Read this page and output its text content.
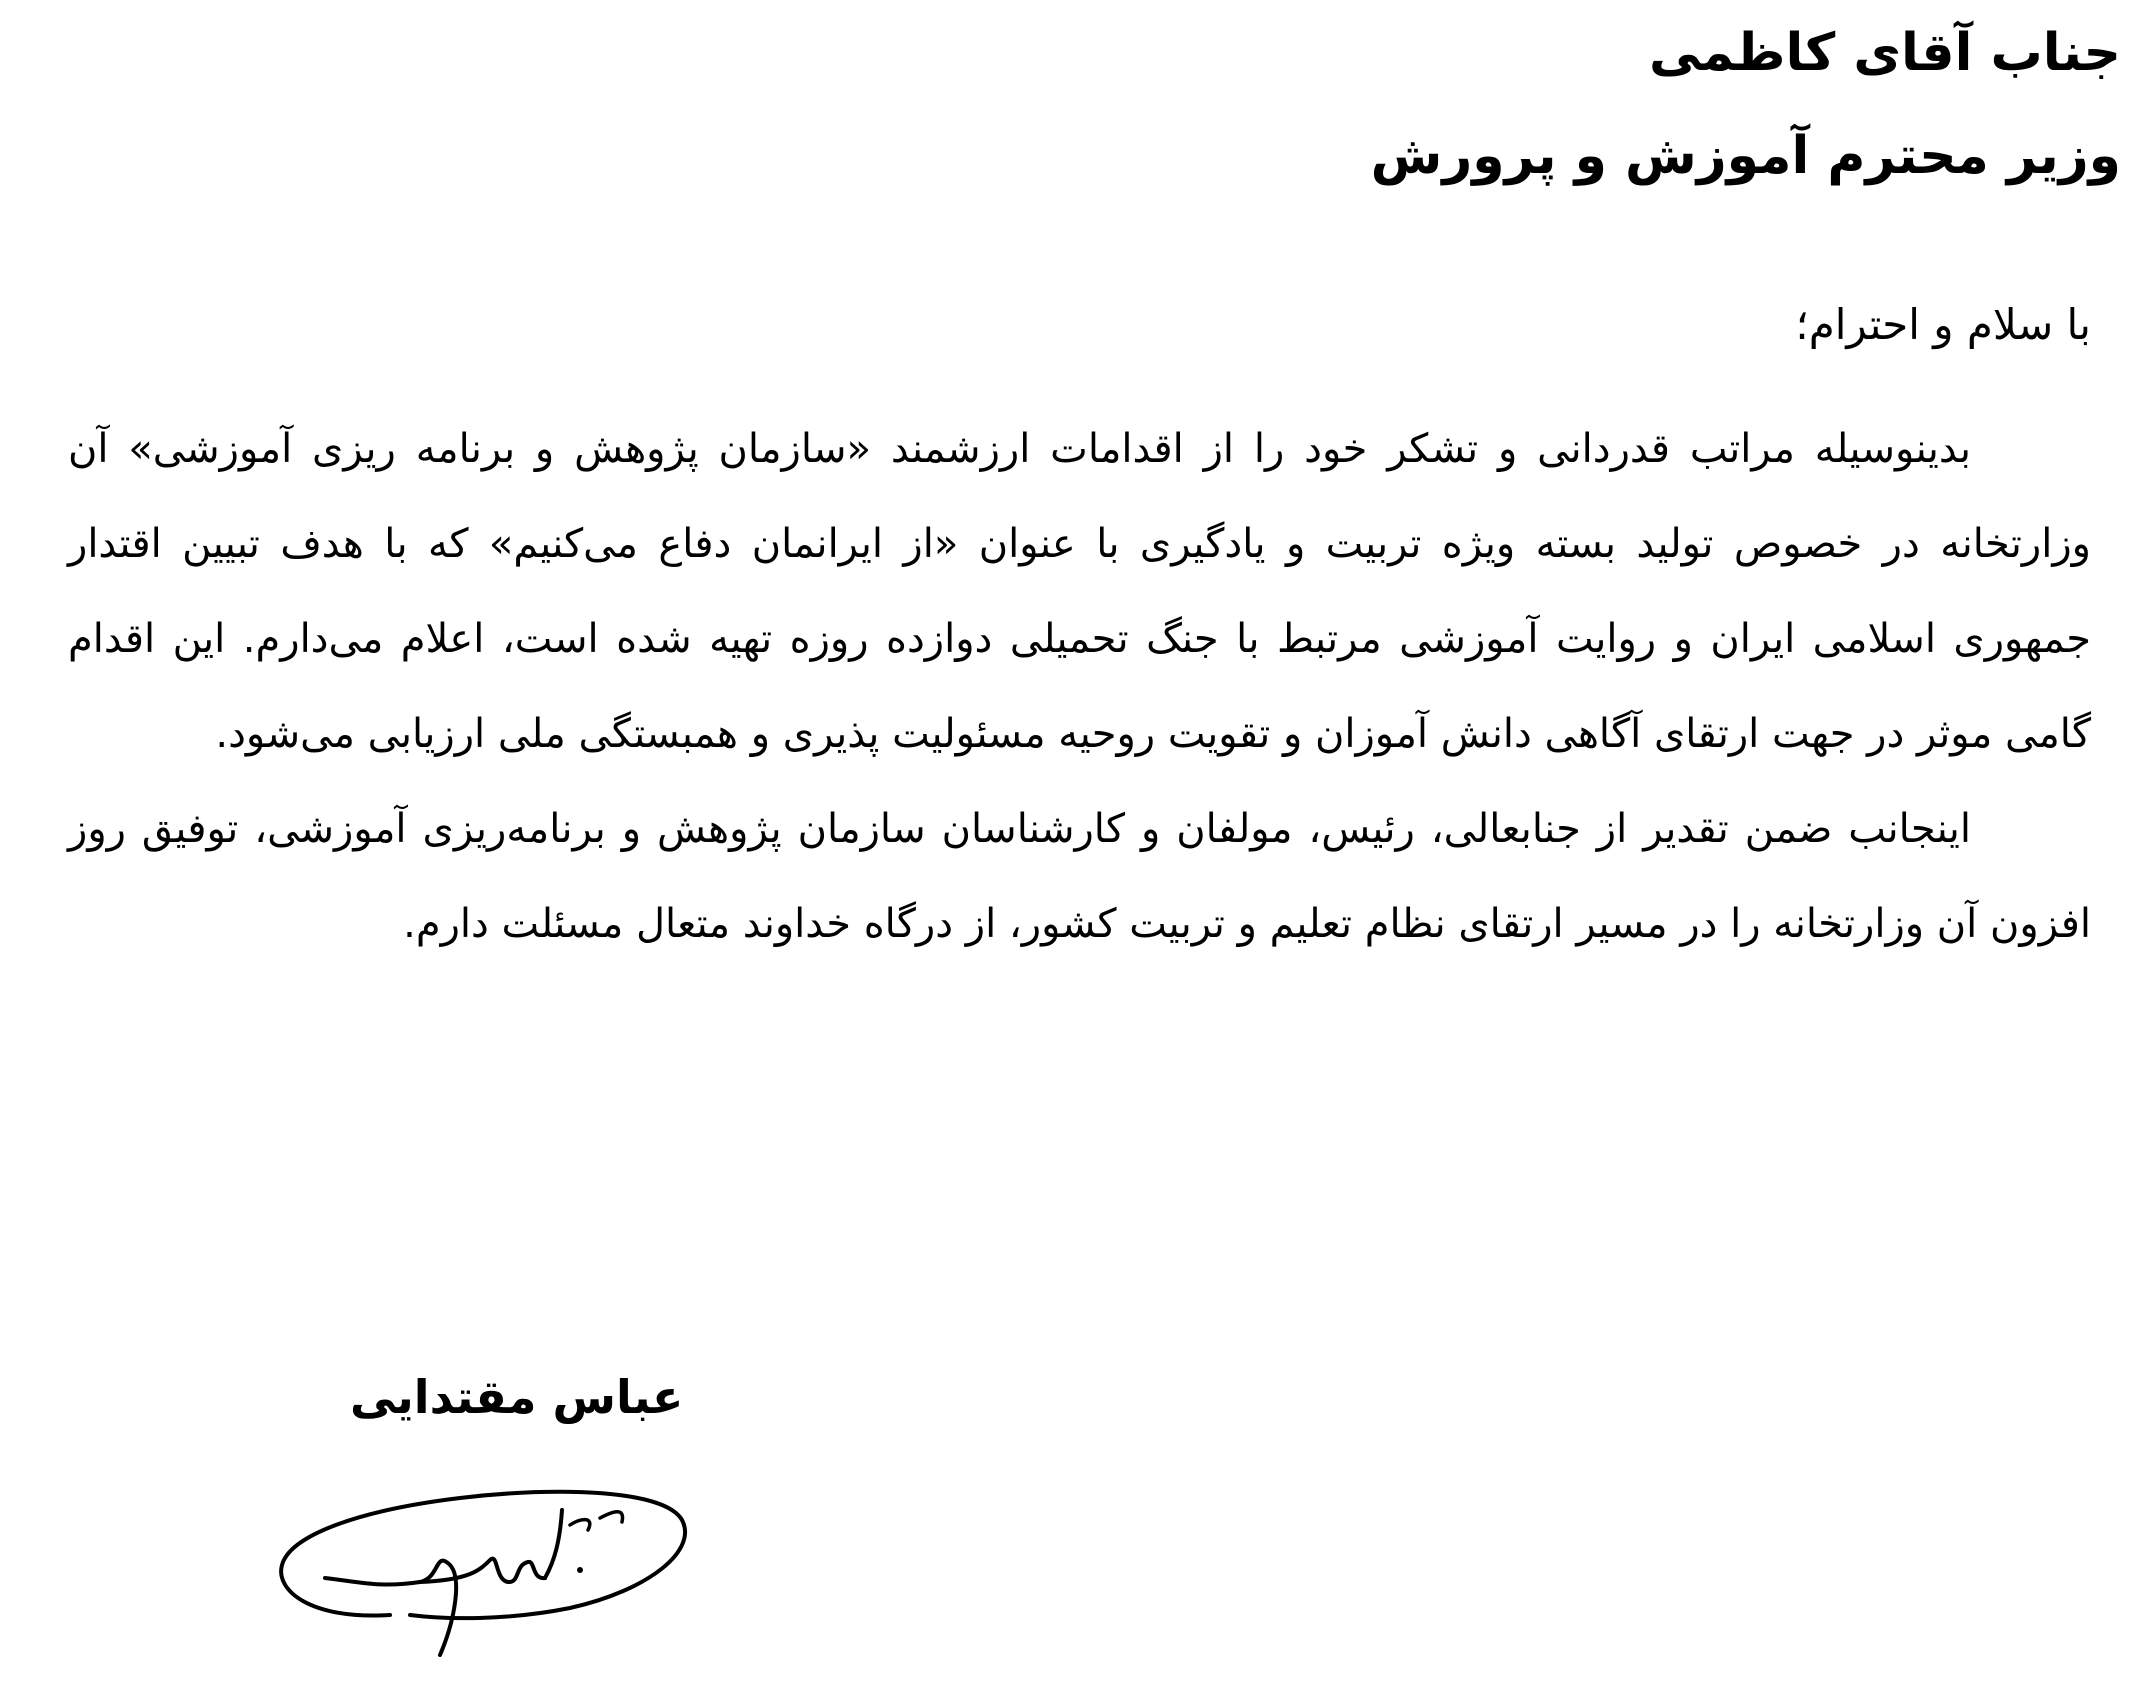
جناب آقای کاظمی
وزیر محترم آموزش و پرورش
با سلام و احترام؛

بدینوسیله مراتب قدردانی و تشکر خود را از اقدامات ارزشمند «سازمان پژوهش و برنامه ریزی آموزشی» آن وزارتخانه در خصوص تولید بسته ویژه تربیت و یادگیری با عنوان «از ایرانمان دفاع می‌کنیم» که با هدف تبیین اقتدار جمهوری اسلامی ایران و روایت آموزشی مرتبط با جنگ تحمیلی دوازده روزه تهیه شده است، اعلام می‌دارم. این اقدام گامی موثر در جهت ارتقای آگاهی دانش آموزان و تقویت روحیه مسئولیت پذیری و همبستگی ملی ارزیابی می‌شود.

اینجانب ضمن تقدیر از جنابعالی، رئیس، مولفان و کارشناسان سازمان پژوهش و برنامه‌ریزی آموزشی، توفیق روز افزون آن وزارتخانه را در مسیر ارتقای نظام تعلیم و تربیت کشور، از درگاه خداوند متعال مسئلت دارم.

عباس مقتدایی
